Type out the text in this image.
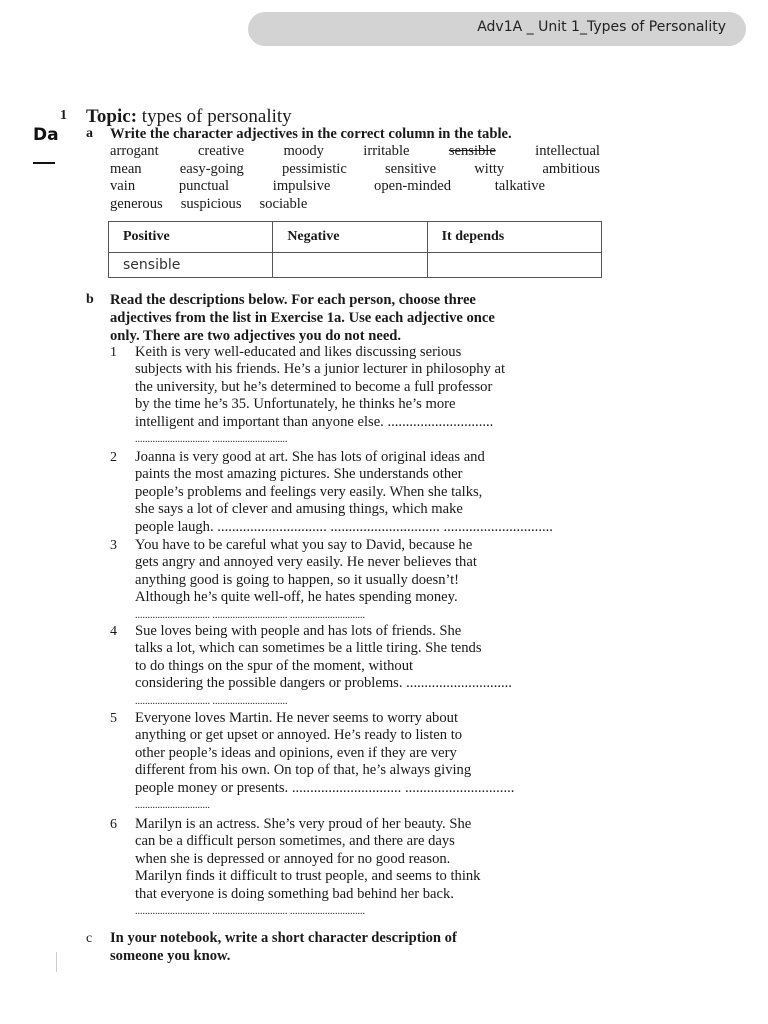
Adv1A _ Unit 1_Types of Personality
Da
1 Topic: types of personality
a Write the character adjectives in the correct column in the table.
arrogant	creative	moody	irritable	sensible	intellectual
mean	easy-going	pessimistic	sensitive	witty	ambitious
vain	punctual	impulsive	open-minded	talkative
generous suspicious sociable
Positive	Negative	It depends
sensible		
b Read the descriptions below. For each person, choose three
adjectives from the list in Exercise 1a. Use each adjective once
only. There are two adjectives you do not need.
1 Keith is very well-educated and likes discussing serious
subjects with his friends. He’s a junior lecturer in philosophy at
the university, but he’s determined to become a full professor
by the time he’s 35. Unfortunately, he thinks he’s more
intelligent and important than anyone else. .............................
.............................. ..............................
2 Joanna is very good at art. She has lots of original ideas and
paints the most amazing pictures. She understands other
people’s problems and feelings very easily. When she talks,
she says a lot of clever and amusing things, which make
people laugh. .............................. .............................. ..............................
3 You have to be careful what you say to David, because he
gets angry and annoyed very easily. He never believes that
anything good is going to happen, so it usually doesn’t!
Although he’s quite well-off, he hates spending money.
.............................. .............................. ..............................
4 Sue loves being with people and has lots of friends. She
talks a lot, which can sometimes be a little tiring. She tends
to do things on the spur of the moment, without
considering the possible dangers or problems. .............................
.............................. ..............................
5 Everyone loves Martin. He never seems to worry about
anything or get upset or annoyed. He’s ready to listen to
other people’s ideas and opinions, even if they are very
different from his own. On top of that, he’s always giving
people money or presents. .............................. ..............................
..............................
6 Marilyn is an actress. She’s very proud of her beauty. She
can be a difficult person sometimes, and there are days
when she is depressed or annoyed for no good reason.
Marilyn finds it difficult to trust people, and seems to think
that everyone is doing something bad behind her back.
.............................. .............................. ..............................
c In your notebook, write a short character description of
someone you know.
